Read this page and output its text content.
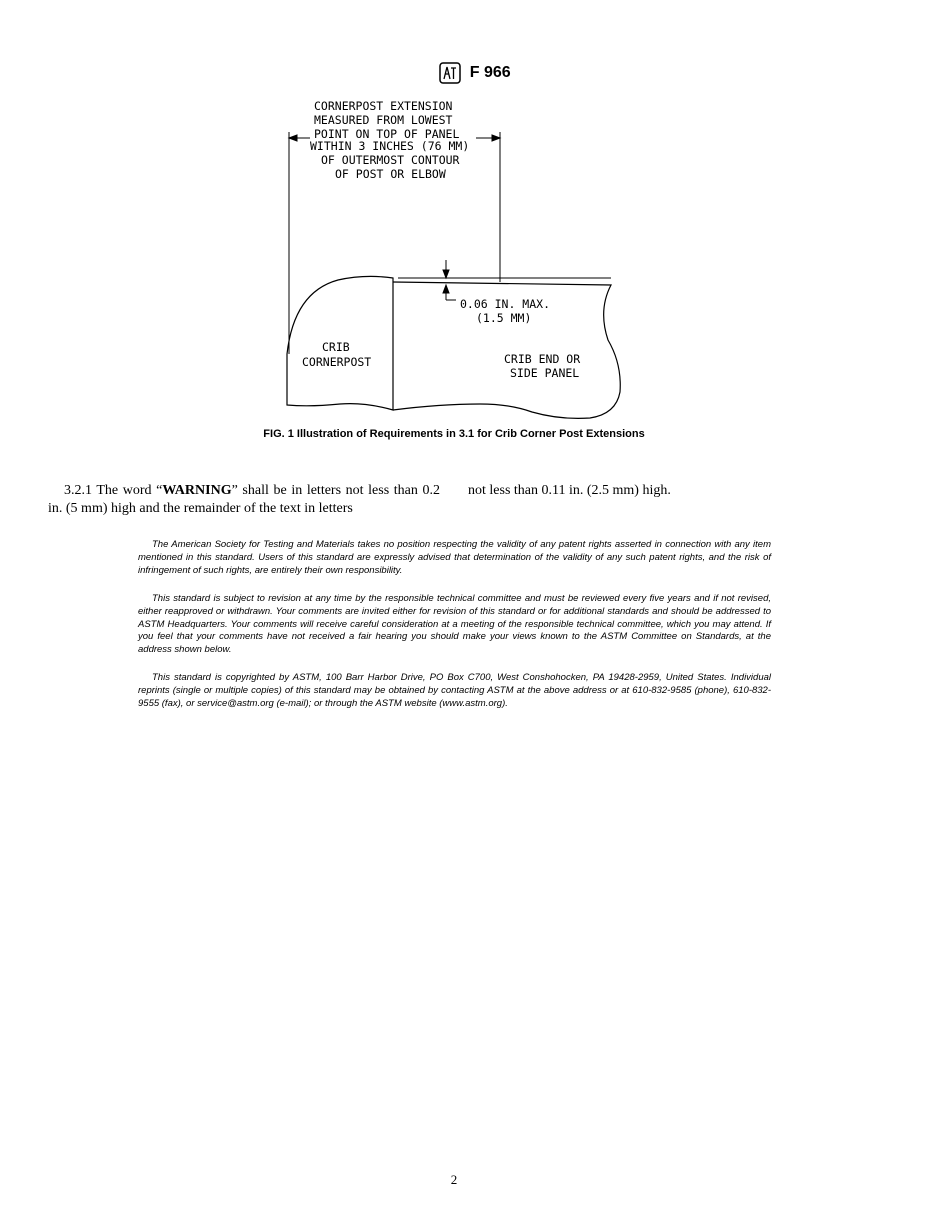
F 966
CORNERPOST EXTENSION
MEASURED FROM LOWEST
POINT ON TOP OF PANEL
WITHIN 3 INCHES (76 MM)
OF OUTERMOST CONTOUR
OF POST OR ELBOW
0.06 IN. MAX.
(1.5 MM)
CRIB
CORNERPOST	CRIB END OR
SIDE PANEL
FIG. 1 Illustration of Requirements in 3.1 for Crib Corner Post Extensions

3.2.1 The word “WARNING” shall be in letters not less than 0.2 in. (5 mm) high and the remainder of the text in letters

not less than 0.11 in. (2.5 mm) high.

The American Society for Testing and Materials takes no position respecting the validity of any patent rights asserted in connection with any item mentioned in this standard. Users of this standard are expressly advised that determination of the validity of any such patent rights, and the risk of infringement of such rights, are entirely their own responsibility.

This standard is subject to revision at any time by the responsible technical committee and must be reviewed every five years and if not revised, either reapproved or withdrawn. Your comments are invited either for revision of this standard or for additional standards and should be addressed to ASTM Headquarters. Your comments will receive careful consideration at a meeting of the responsible technical committee, which you may attend. If you feel that your comments have not received a fair hearing you should make your views known to the ASTM Committee on Standards, at the address shown below.

This standard is copyrighted by ASTM, 100 Barr Harbor Drive, PO Box C700, West Conshohocken, PA 19428-2959, United States. Individual reprints (single or multiple copies) of this standard may be obtained by contacting ASTM at the above address or at 610-832-9585 (phone), 610-832-9555 (fax), or service@astm.org (e-mail); or through the ASTM website (www.astm.org).

2
